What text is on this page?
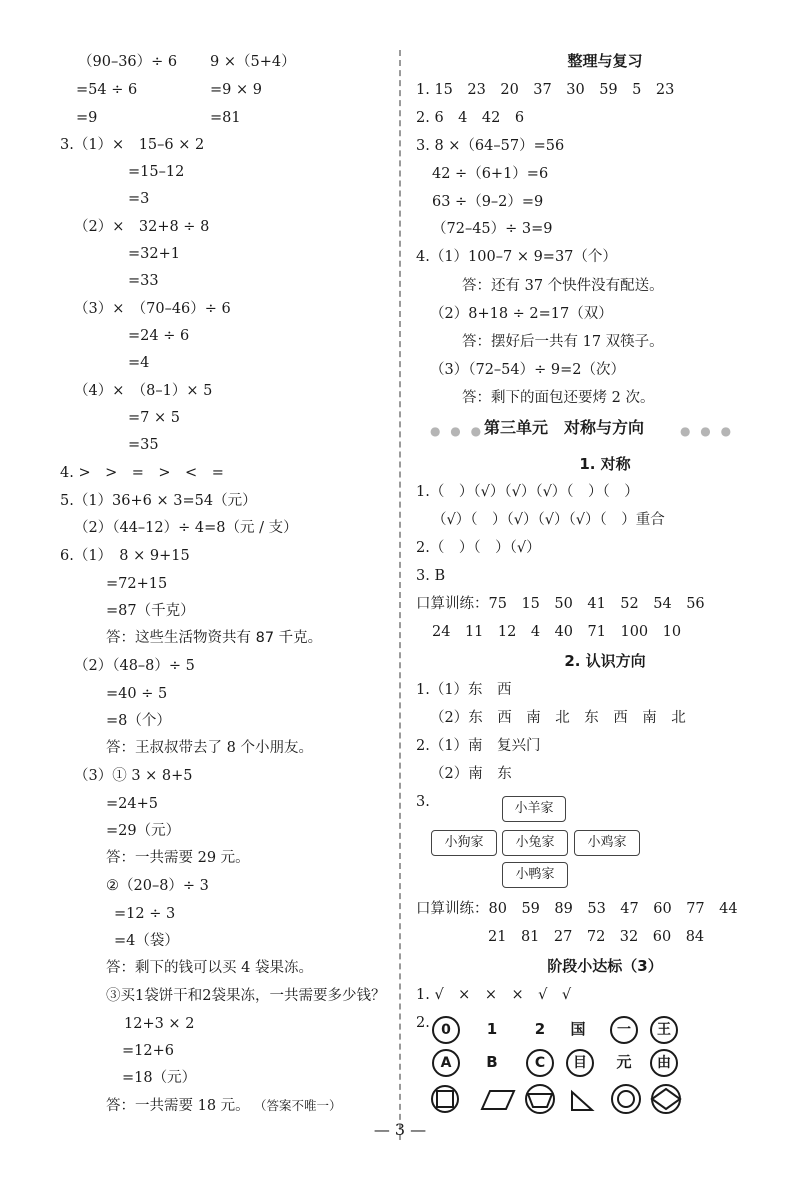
（90–36）÷ 6 9 ×（5+4）
=54 ÷ 6	=9 × 9
=9	=81
3.（1）×　15–6 × 2
=15–12
=3
（2）×　32+8 ÷ 8
=32+1
=33
（3）×　（70–46）÷ 6
=24 ÷ 6
=4
（4）×　（8–1）× 5
=7 × 5
=35
4. >　>　=　>　<　=
5.（1）36+6 × 3=54（元）
（2）（44–12）÷ 4=8（元 / 支）
6.（1）　8 × 9+15
=72+15
=87（千克）
答：这些生活物资共有 87 千克。
（2）（48–8）÷ 5
=40 ÷ 5
=8（个）
答：王叔叔带去了 8 个小朋友。
（3）① 3 × 8+5
=24+5
=29（元）
答：一共需要 29 元。
②（20–8）÷ 3
=12 ÷ 3
=4（袋）
答：剩下的钱可以买 4 袋果冻。
③买1袋饼干和2袋果冻，一共需要多少钱？
12+3 × 2
=12+6
=18（元）
答：一共需要 18 元。 （答案不唯一）
整理与复习
1. 15　23　20　37　30　59　5　23
2. 6　4　42　6
3. 8 ×（64–57）=56
42 ÷（6+1）=6
63 ÷（9–2）=9
（72–45）÷ 3=9
4.（1）100–7 × 9=37（个）
答：还有 37 个快件没有配送。
（2）8+18 ÷ 2=17（双）
答：摆好后一共有 17 双筷子。
（3）（72–54）÷ 9=2（次）
答：剩下的面包还要烤 2 次。
● ● ● 第三单元　对称与方向	● ● ●
1. 对称
1.（　）（√）（√）（√）（　）（　）
（√）（　）（√）（√）（√）（　）重合
2.（　）（　）（√）
3. B
口算训练：75　15　50　41　52　54　56
24　11　12　4　40　71　100　10
2. 认识方向
1.（1）东　西
（2）东　西　南　北　东　西　南　北
2.（1）南　复兴门
（2）南　东
3.	小羊家
小狗家	小兔家	小鸡家
小鸭家
口算训练：80　59　89　53　47　60　77　44
21　81　27　72　32　60　84
阶段小达标（3）
1. √　×　×　×　√　√
2. 0	1	2	国	一	王
A	B	C	目	元	由
— 3 —
